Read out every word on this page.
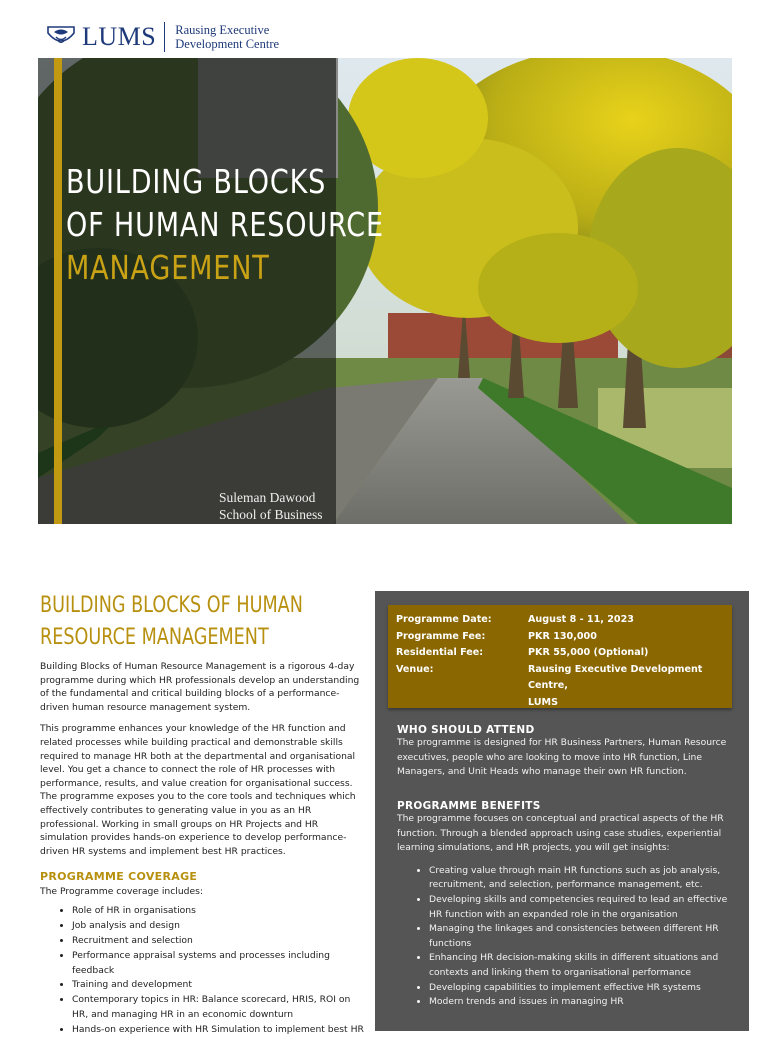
LUMS Rausing Executive
Development Centre
BUILDING BLOCKS
OF HUMAN RESOURCE
MANAGEMENT
Suleman Dawood
School of Business
BUILDING BLOCKS OF HUMAN
RESOURCE MANAGEMENT

Building Blocks of Human Resource Management is a rigorous 4-day programme during which HR professionals develop an understanding of the fundamental and critical building blocks of a performance-driven human resource management system.

This programme enhances your knowledge of the HR function and related processes while building practical and demonstrable skills required to manage HR both at the departmental and organisational level. You get a chance to connect the role of HR processes with performance, results, and value creation for organisational success. The programme exposes you to the core tools and techniques which effectively contributes to generating value in you as an HR professional. Working in small groups on HR Projects and HR simulation provides hands-on experience to develop performance-driven HR systems and implement best HR practices.

PROGRAMME COVERAGE

The Programme coverage includes:

• Role of HR in organisations
• Job analysis and design
• Recruitment and selection
• Performance appraisal systems and processes including feedback
• Training and development
• Contemporary topics in HR: Balance scorecard, HRIS, ROI on HR, and managing HR in an economic downturn
• Hands-on experience with HR Simulation to implement best HR
Programme Date:	August 8 - 11, 2023
Programme Fee:	PKR 130,000
Residential Fee:	PKR 55,000 (Optional)
Venue:	Rausing Executive Development Centre,
LUMS
WHO SHOULD ATTEND

The programme is designed for HR Business Partners, Human Resource executives, people who are looking to move into HR function, Line Managers, and Unit Heads who manage their own HR function.

PROGRAMME BENEFITS

The programme focuses on conceptual and practical aspects of the HR function. Through a blended approach using case studies, experiential learning simulations, and HR projects, you will get insights:

• Creating value through main HR functions such as job analysis, recruitment, and selection, performance management, etc.
• Developing skills and competencies required to lead an effective HR function with an expanded role in the organisation
• Managing the linkages and consistencies between different HR functions
• Enhancing HR decision-making skills in different situations and contexts and linking them to organisational performance
• Developing capabilities to implement effective HR systems
• Modern trends and issues in managing HR
